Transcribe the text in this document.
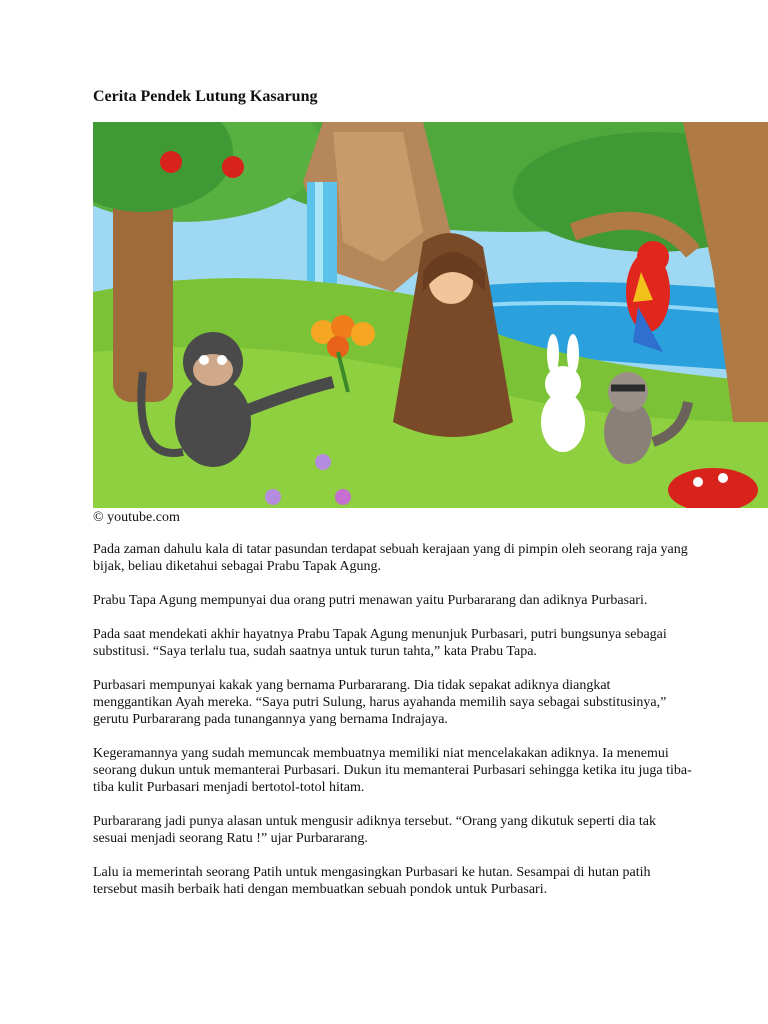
Cerita Pendek Lutung Kasarung
© youtube.com

Pada zaman dahulu kala di tatar pasundan terdapat sebuah kerajaan yang di pimpin oleh seorang raja yang bijak, beliau diketahui sebagai Prabu Tapak Agung.

Prabu Tapa Agung mempunyai dua orang putri menawan yaitu Purbararang dan adiknya Purbasari.

Pada saat mendekati akhir hayatnya Prabu Tapak Agung menunjuk Purbasari, putri bungsunya sebagai substitusi. “Saya terlalu tua, sudah saatnya untuk turun tahta,” kata Prabu Tapa.

Purbasari mempunyai kakak yang bernama Purbararang. Dia tidak sepakat adiknya diangkat menggantikan Ayah mereka. “Saya putri Sulung, harus ayahanda memilih saya sebagai substitusinya,” gerutu Purbararang pada tunangannya yang bernama Indrajaya.

Kegeramannya yang sudah memuncak membuatnya memiliki niat mencelakakan adiknya. Ia menemui seorang dukun untuk memanterai Purbasari. Dukun itu memanterai Purbasari sehingga ketika itu juga tiba-tiba kulit Purbasari menjadi bertotol-totol hitam.

Purbararang jadi punya alasan untuk mengusir adiknya tersebut. “Orang yang dikutuk seperti dia tak sesuai menjadi seorang Ratu !” ujar Purbararang.

Lalu ia memerintah seorang Patih untuk mengasingkan Purbasari ke hutan. Sesampai di hutan patih tersebut masih berbaik hati dengan membuatkan sebuah pondok untuk Purbasari.
